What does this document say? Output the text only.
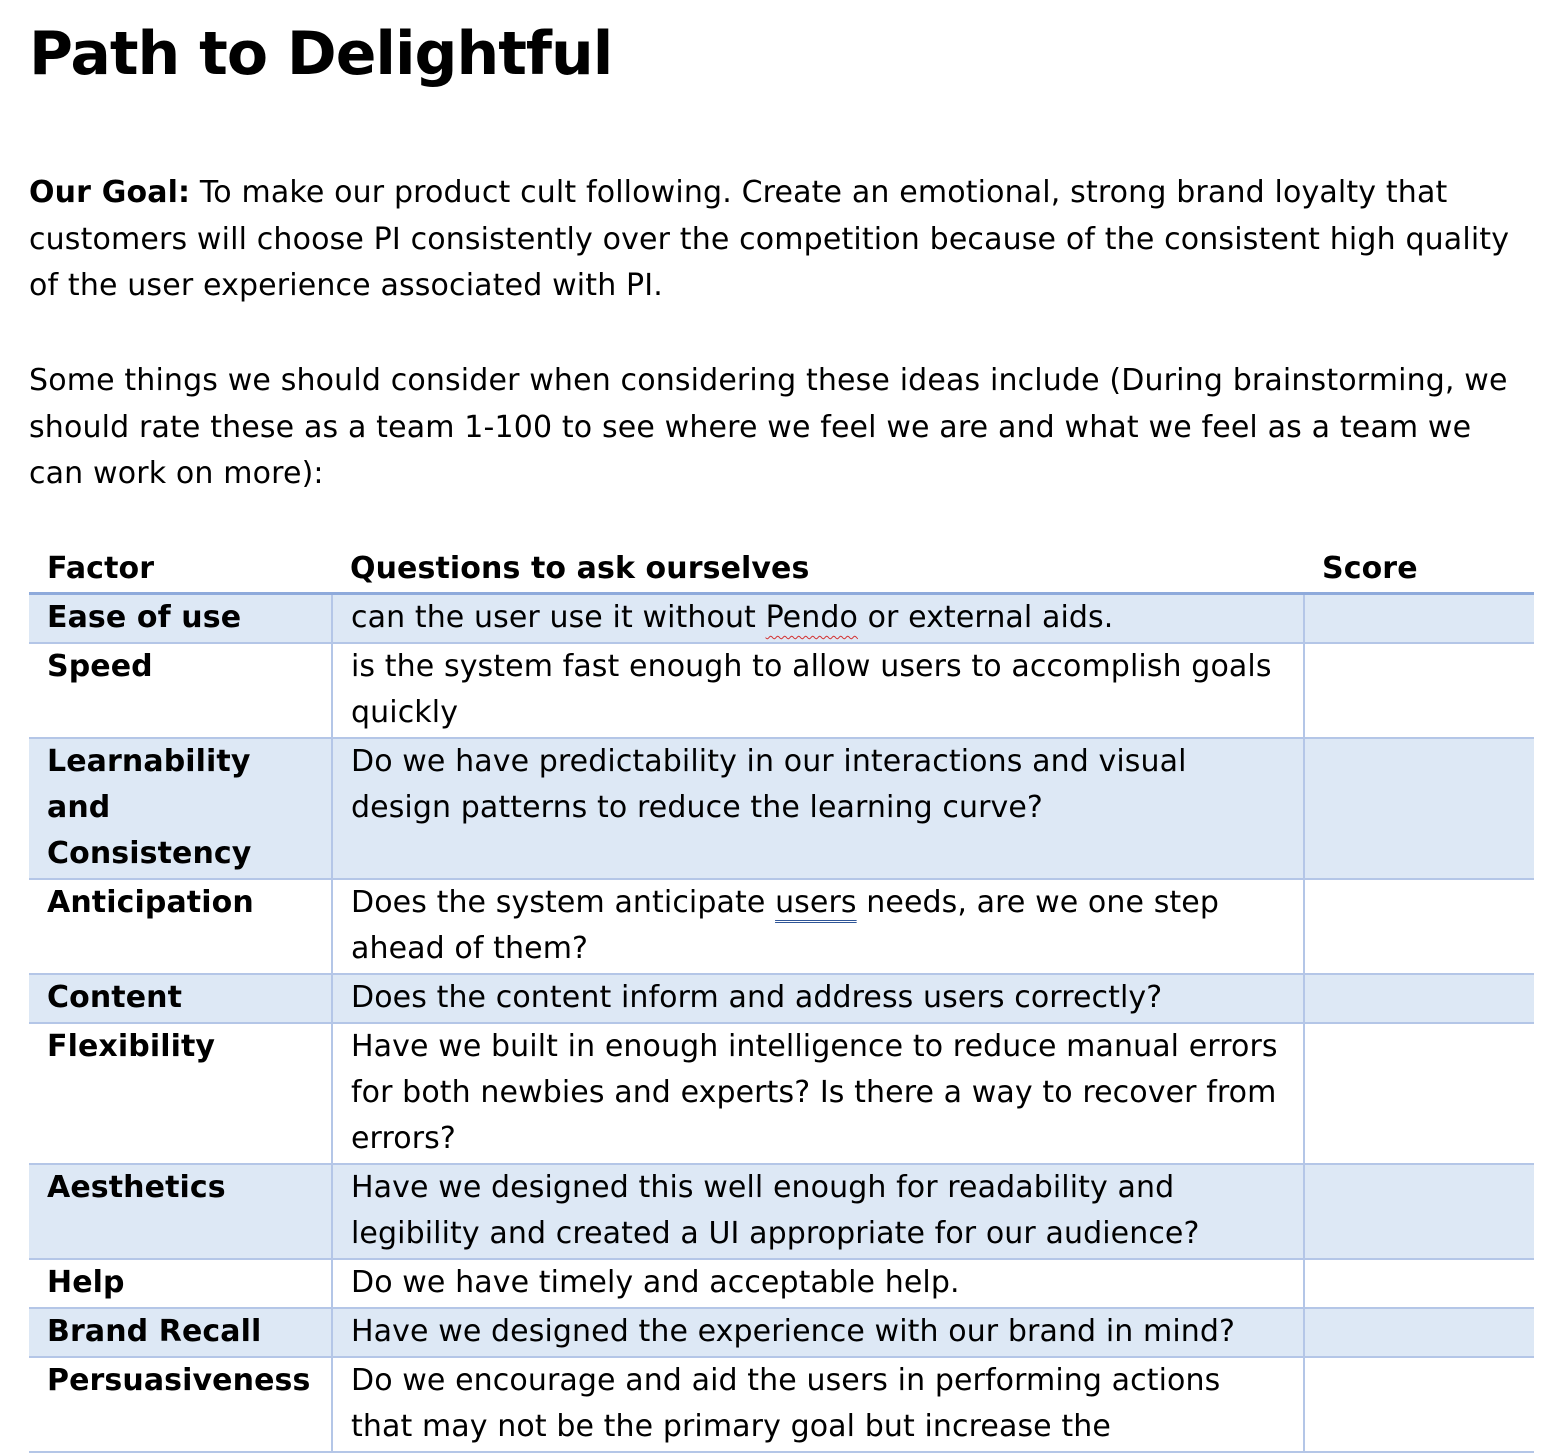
Path to Delightful

Our Goal: To make our product cult following. Create an emotional, strong brand loyalty that customers will choose PI consistently over the competition because of the consistent high quality of the user experience associated with PI.

Some things we should consider when considering these ideas include (During brainstorming, we should rate these as a team 1-100 to see where we feel we are and what we feel as a team we can work on more):

Factor	Questions to ask ourselves	Score
Ease of use	can the user use it without Pendo or external aids.	
Speed	is the system fast enough to allow users to accomplish goals quickly	
Learnability and Consistency	Do we have predictability in our interactions and visual design patterns to reduce the learning curve?	
Anticipation	Does the system anticipate users needs, are we one step ahead of them?	
Content	Does the content inform and address users correctly?	
Flexibility	Have we built in enough intelligence to reduce manual errors for both newbies and experts? Is there a way to recover from errors?	
Aesthetics	Have we designed this well enough for readability and legibility and created a UI appropriate for our audience?	
Help	Do we have timely and acceptable help.	
Brand Recall	Have we designed the experience with our brand in mind?	
Persuasiveness	Do we encourage and aid the users in performing actions that may not be the primary goal but increase the	
